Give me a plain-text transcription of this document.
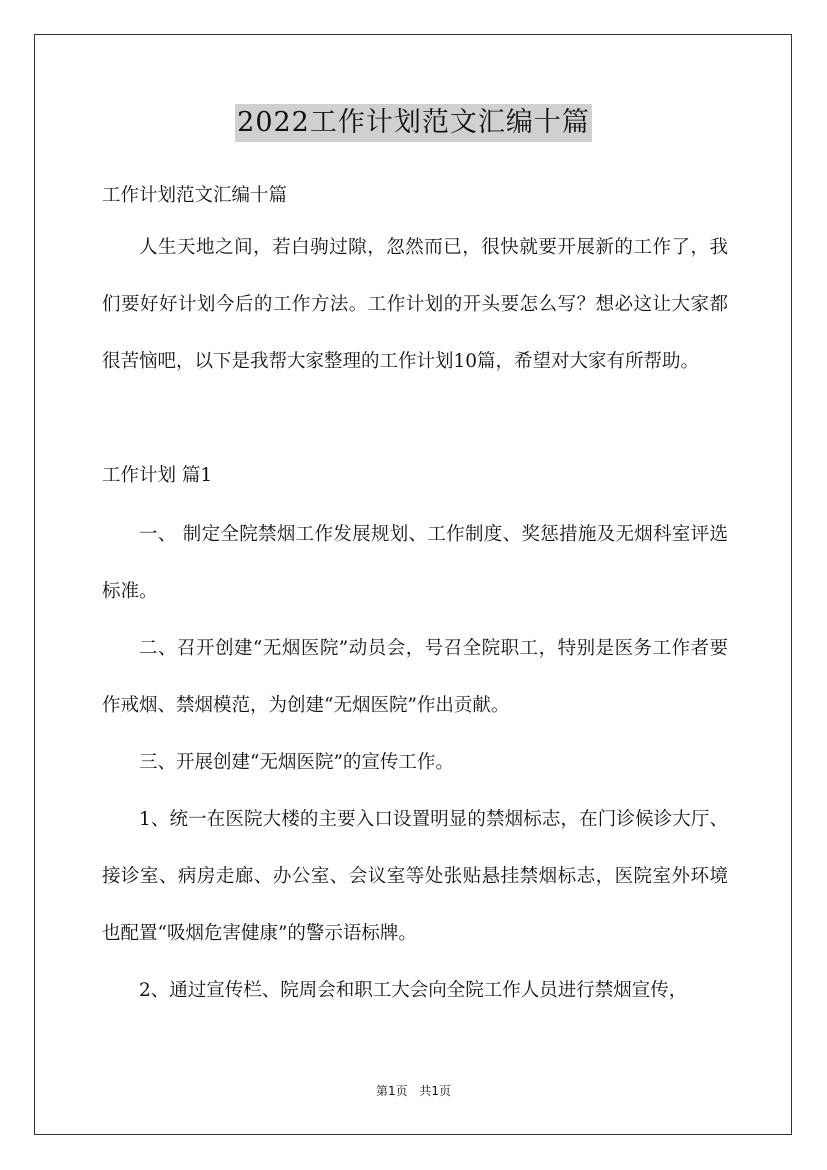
2022工作计划范文汇编十篇

工作计划范文汇编十篇

人生天地之间，若白驹过隙，忽然而已，很快就要开展新的工作了，我们要好好计划今后的工作方法。工作计划的开头要怎么写？想必这让大家都很苦恼吧，以下是我帮大家整理的工作计划10篇，希望对大家有所帮助。

工作计划 篇1

一、 制定全院禁烟工作发展规划、工作制度、奖惩措施及无烟科室评选标准。

二、召开创建“无烟医院”动员会，号召全院职工，特别是医务工作者要作戒烟、禁烟模范，为创建“无烟医院”作出贡献。

三、开展创建“无烟医院”的宣传工作。

1、统一在医院大楼的主要入口设置明显的禁烟标志，在门诊候诊大厅、接诊室、病房走廊、办公室、会议室等处张贴悬挂禁烟标志，医院室外环境也配置“吸烟危害健康”的警示语标牌。

2、通过宣传栏、院周会和职工大会向全院工作人员进行禁烟宣传，

第1页 共1页
